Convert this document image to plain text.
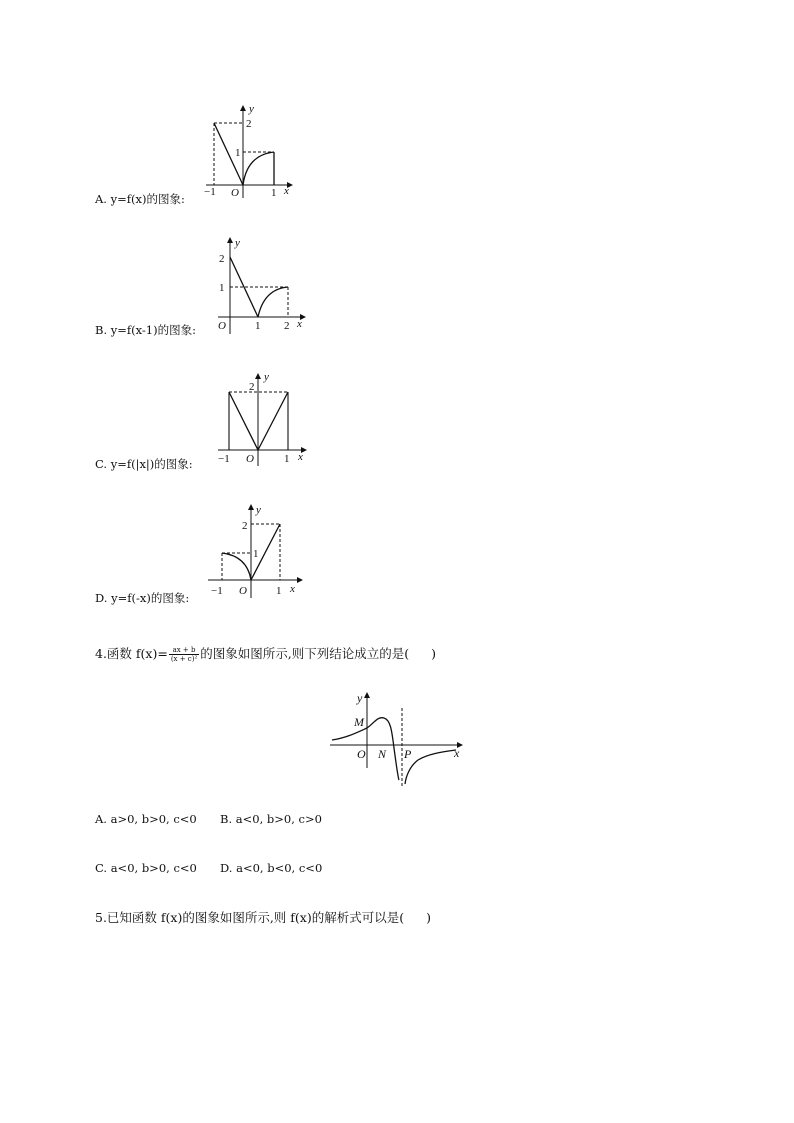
A. y=f(x)的图象:
y
2
1
−1 O	1 x
B. y=f(x-1)的图象:
y
2
1
O	1 2 x
C. y=f(|x|)的图象:
y
2
−1 O	1 x
D. y=f(-x)的图象:
y
2
1
−1 O	1 x
4.函数 $f(x)= \frac{ax + b}{\text{(x + c)²}}$ 的图象如图所示,则下列结论成立的是( )
y
M
O N P	x
A. a>0, b>0, c<0 B. a<0, b>0, c>0
C. a<0, b>0, c<0 D. a<0, b<0, c<0
5.已知函数 f(x)的图象如图所示,则 f(x)的解析式可以是( )
